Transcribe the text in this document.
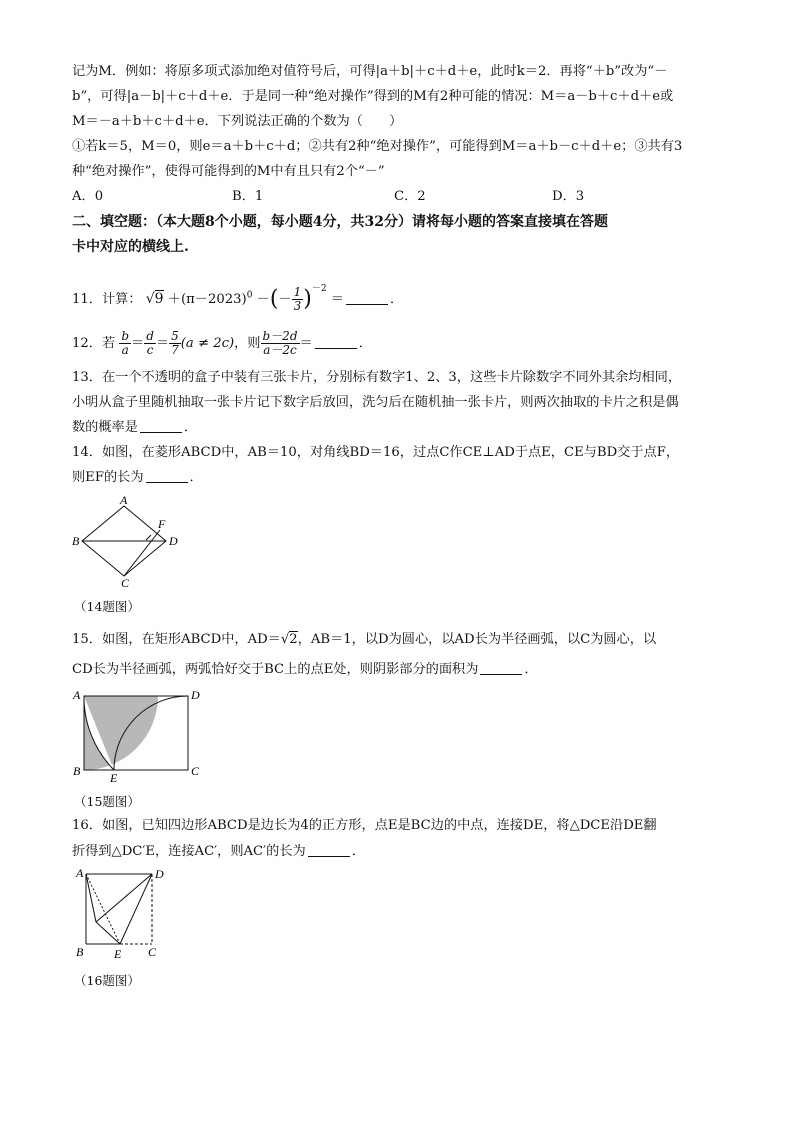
记为M．例如：将原多项式添加绝对值符号后，可得|a＋b|＋c＋d＋e，此时k＝2．再将“＋b”改为“－
b”，可得|a－b|＋c＋d＋e．于是同一种“绝对操作”得到的M有2种可能的情况：M＝a－b＋c＋d＋e或
M＝－a＋b＋c＋d＋e．下列说法正确的个数为（　　）
①若k＝5，M＝0，则e＝a＋b＋c＋d；②共有2种“绝对操作”，可能得到M＝a＋b－c＋d＋e；③共有3
种“绝对操作”，使得可能得到的M中有且只有2个“－”
A．0	B．1	C．2	D．3
二、填空题：（本大题8个小题，每小题4分，共32分）请将每小题的答案直接填在答题
卡中对应的横线上.
11．计算： $√9 +(\pi-2023)^0$ －(－ $\frac{1}{3} )^{-2}$ ＝	．
12．若 $\frac{b}{a} = \frac{d}{c} = \frac{5}{7} (a \ne 2c)$，则 $\frac{b-2d}{a-2c}$ ＝	．
13．在一个不透明的盒子中装有三张卡片，分别标有数字1、2、3，这些卡片除数字不同外其余均相同，
小明从盒子里随机抽取一张卡片记下数字后放回，洗匀后在随机抽一张卡片，则两次抽取的卡片之积是偶
数的概率是	．
14．如图，在菱形ABCD中，AB＝10，对角线BD＝16，过点C作CE⊥AD于点E，CE与BD交于点F，
则EF的长为	．
A
B
C
D
F
（14题图）
15．如图，在矩形ABCD中，AD＝√2，AB＝1，以D为圆心，以AD长为半径画弧，以C为圆心，以
CD长为半径画弧，两弧恰好交于BC上的点E处，则阴影部分的面积为	．
A
B	C
D
E
（15题图）
16．如图，已知四边形ABCD是边长为4的正方形，点E是BC边的中点，连接DE，将△DCE沿DE翻
折得到△DC′E，连接AC′，则AC′的长为	．
A
B	C
D
E
（16题图）
